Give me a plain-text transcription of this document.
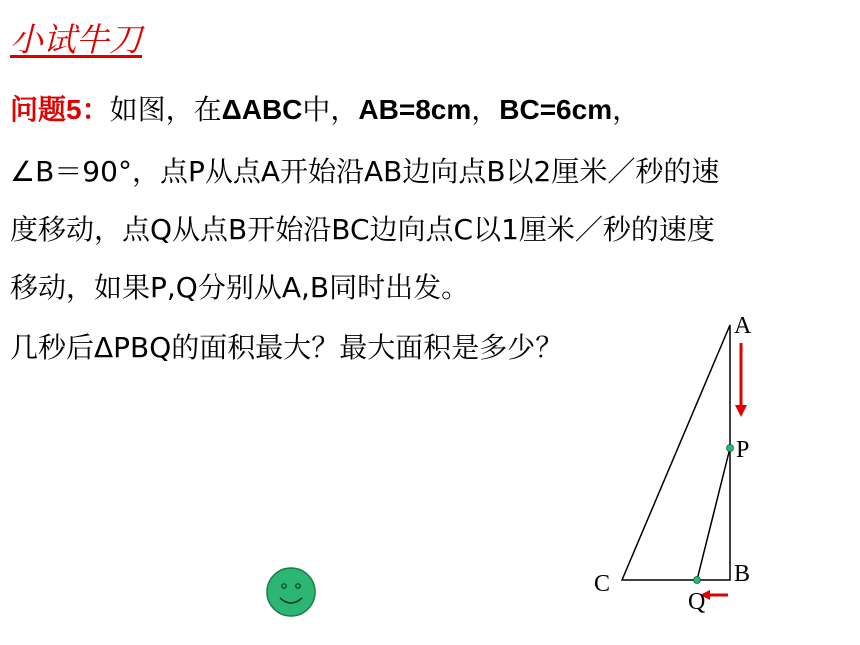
小试牛刀
问题5：如图，在ΔABC中，AB=8cm，BC=6cm，
∠B＝90°，点P从点A开始沿AB边向点B以2厘米／秒的速
度移动，点Q从点B开始沿BC边向点C以1厘米／秒的速度
移动，如果P,Q分别从A,B同时出发。
几秒后ΔPBQ的面积最大？最大面积是多少？
A
P
B
C
Q
